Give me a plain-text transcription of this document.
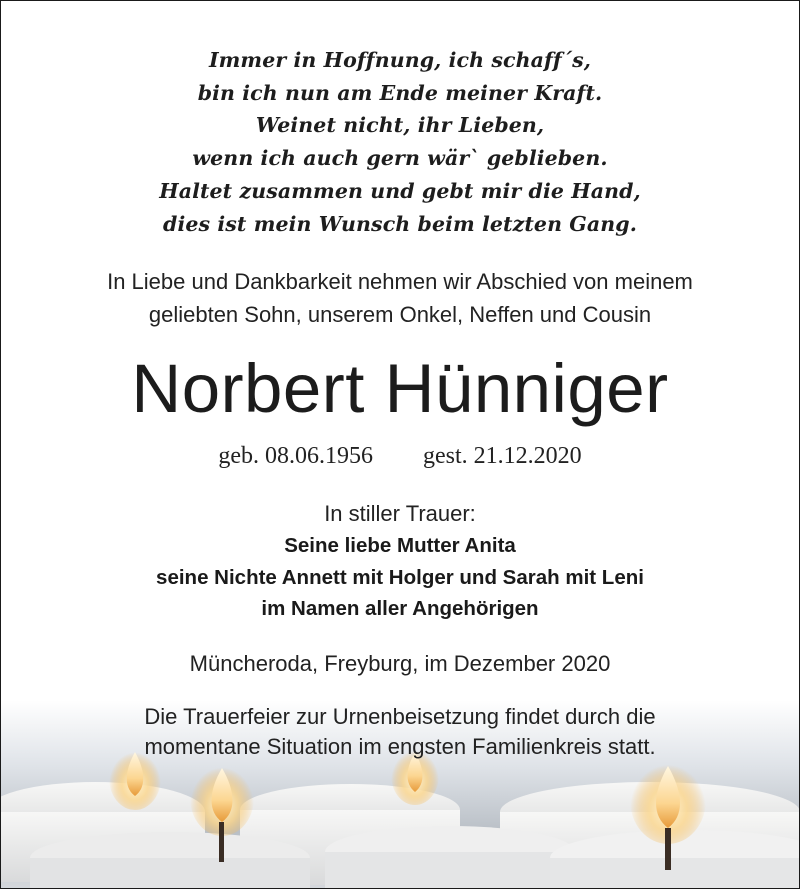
Immer in Hoffnung, ich schaff´s,
bin ich nun am Ende meiner Kraft.
Weinet nicht, ihr Lieben,
wenn ich auch gern wär` geblieben.
Haltet zusammen und gebt mir die Hand,
dies ist mein Wunsch beim letzten Gang.
In Liebe und Dankbarkeit nehmen wir Abschied von meinem
geliebten Sohn, unserem Onkel, Neffen und Cousin
Norbert Hünniger
geb. 08.06.1956 gest. 21.12.2020
In stiller Trauer:
Seine liebe Mutter Anita
seine Nichte Annett mit Holger und Sarah mit Leni
im Namen aller Angehörigen
Müncheroda, Freyburg, im Dezember 2020
Die Trauerfeier zur Urnenbeisetzung findet durch die
momentane Situation im engsten Familienkreis statt.
